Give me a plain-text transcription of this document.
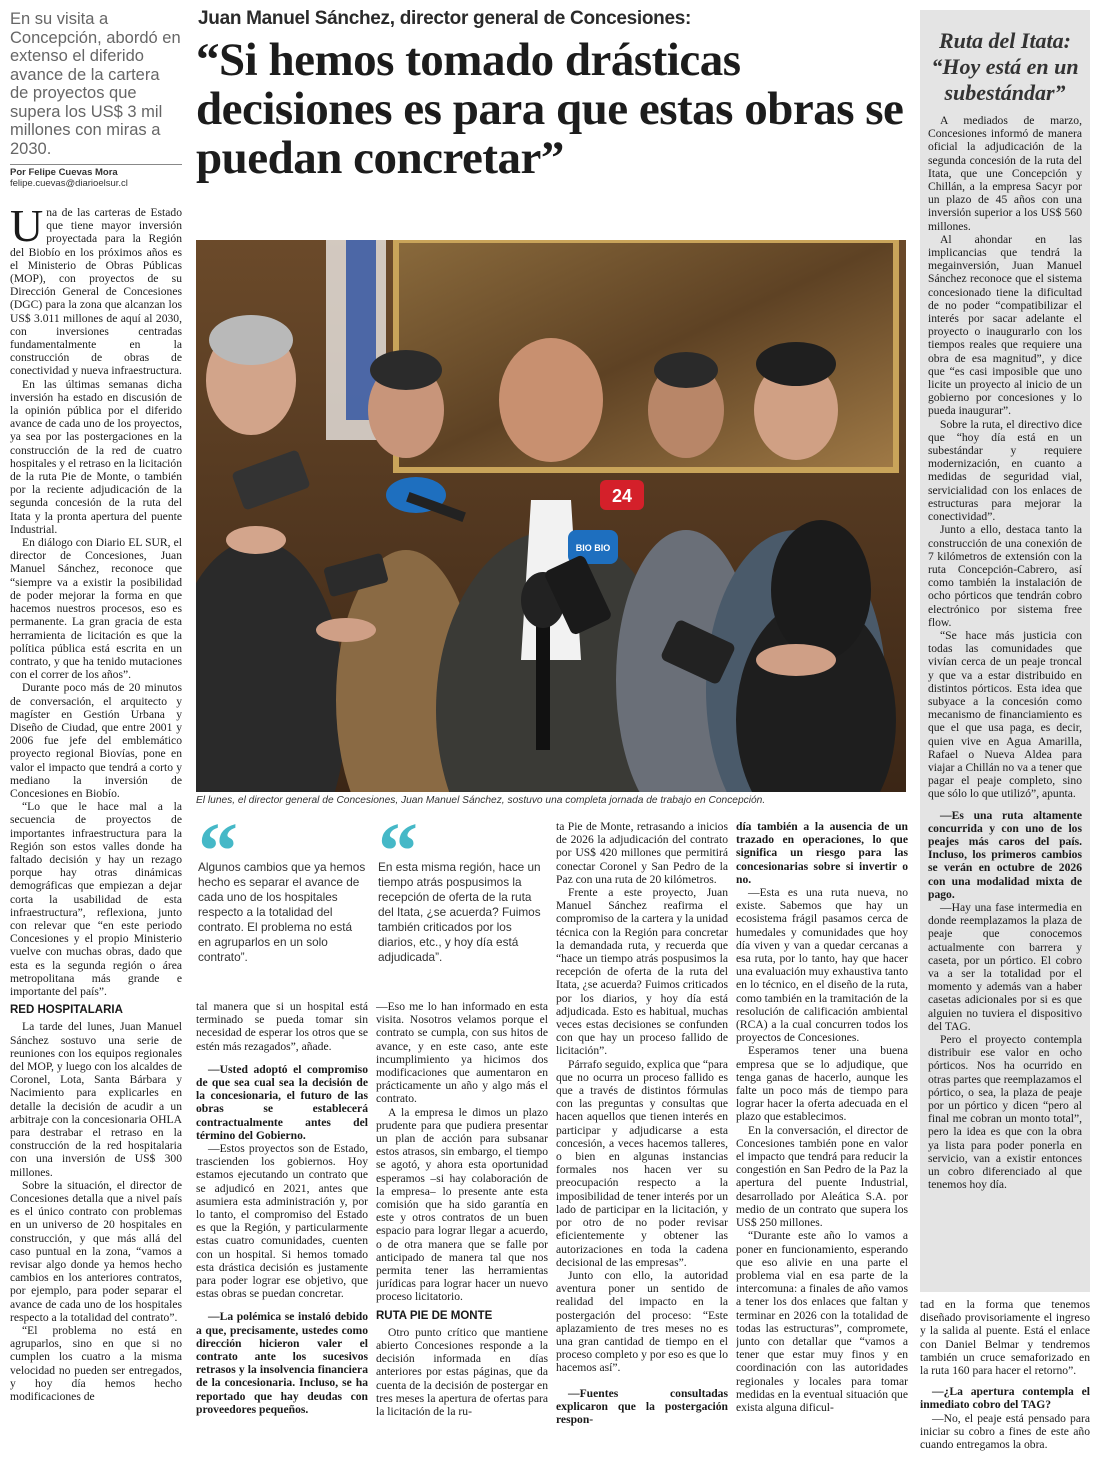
Juan Manuel Sánchez, director general de Concesiones:
“Si hemos tomado drásticas decisiones es para que estas obras se puedan concretar”

En su visita a Concepción, abordó en extenso el diferido avance de la cartera de proyectos que supera los US$ 3 mil millones con miras a 2030.

Por Felipe Cuevas Mora
felipe.cuevas@diarioelsur.cl

Una de las carteras de Estado que tiene mayor inversión proyectada para la Región del Biobío en los próximos años es el Ministerio de Obras Públicas (MOP), con proyectos de su Dirección General de Concesiones (DGC) para la zona que alcanzan los US$ 3.011 millones de aquí al 2030, con inversiones centradas fundamentalmente en la construcción de obras de conectividad y nueva infraestructura.

En las últimas semanas dicha inversión ha estado en discusión de la opinión pública por el diferido avance de cada uno de los proyectos, ya sea por las postergaciones en la construcción de la red de cuatro hospitales y el retraso en la licitación de la ruta Pie de Monte, o también por la reciente adjudicación de la segunda concesión de la ruta del Itata y la pronta apertura del puente Industrial.

En diálogo con Diario EL SUR, el director de Concesiones, Juan Manuel Sánchez, reconoce que “siempre va a existir la posibilidad de poder mejorar la forma en que hacemos nuestros procesos, eso es permanente. La gran gracia de esta herramienta de licitación es que la política pública está escrita en un contrato, y que ha tenido mutaciones con el correr de los años”.

Durante poco más de 20 minutos de conversación, el arquitecto y magíster en Gestión Urbana y Diseño de Ciudad, que entre 2001 y 2006 fue jefe del emblemático proyecto regional Biovías, pone en valor el impacto que tendrá a corto y mediano la inversión de Concesiones en Biobío.

“Lo que le hace mal a la secuencia de proyectos de importantes infraestructura para la Región son estos valles donde ha faltado decisión y hay un rezago porque hay otras dinámicas demográficas que empiezan a dejar corta la usabilidad de esta infraestructura”, reflexiona, junto con relevar que “en este periodo Concesiones y el propio Ministerio vuelve con muchas obras, dado que esta es la segunda región o área metropolitana más grande e importante del país”.

RED HOSPITALARIA

La tarde del lunes, Juan Manuel Sánchez sostuvo una serie de reuniones con los equipos regionales del MOP, y luego con los alcaldes de Coronel, Lota, Santa Bárbara y Nacimiento para explicarles en detalle la decisión de acudir a un arbitraje con la concesionaria OHLA para destrabar el retraso en la construcción de la red hospitalaria con una inversión de US$ 300 millones.

Sobre la situación, el director de Concesiones detalla que a nivel país es el único contrato con problemas en un universo de 20 hospitales en construcción, y que más allá del caso puntual en la zona, “vamos a revisar algo donde ya hemos hecho cambios en los anteriores contratos, por ejemplo, para poder separar el avance de cada uno de los hospitales respecto a la totalidad del contrato”.

“El problema no está en agruparlos, sino en que si no cumplen los cuatro a la misma velocidad no pueden ser entregados, y hoy día hemos hecho modificaciones de

24
BIO BIO
El lunes, el director general de Concesiones, Juan Manuel Sánchez, sostuvo una completa jornada de trabajo en Concepción.
“

Algunos cambios que ya hemos hecho es separar el avance de cada uno de los hospitales respecto a la totalidad del contrato. El problema no está en agruparlos en un solo contrato”.

“

En esta misma región, hace un tiempo atrás pospusimos la recepción de oferta de la ruta del Itata, ¿se acuerda? Fuimos también criticados por los diarios, etc., y hoy día está adjudicada”.

tal manera que si un hospital está terminado se pueda tomar sin necesidad de esperar los otros que se estén más rezagados”, añade.

—Usted adoptó el compromiso de que sea cual sea la decisión de la concesionaria, el futuro de las obras se establecerá contractualmente antes del término del Gobierno.

—Estos proyectos son de Estado, trascienden los gobiernos. Hoy estamos ejecutando un contrato que se adjudicó en 2021, antes que asumiera esta administración y, por lo tanto, el compromiso del Estado es que la Región, y particularmente estas cuatro comunidades, cuenten con un hospital. Si hemos tomado esta drástica decisión es justamente para poder lograr ese objetivo, que estas obras se puedan concretar.

—La polémica se instaló debido a que, precisamente, ustedes como dirección hicieron valer el contrato ante los sucesivos retrasos y la insolvencia financiera de la concesionaria. Incluso, se ha reportado que hay deudas con proveedores pequeños.

—Eso me lo han informado en esta visita. Nosotros velamos porque el contrato se cumpla, con sus hitos de avance, y en este caso, ante este incumplimiento ya hicimos dos modificaciones que aumentaron en prácticamente un año y algo más el contrato.

A la empresa le dimos un plazo prudente para que pudiera presentar un plan de acción para subsanar estos atrasos, sin embargo, el tiempo se agotó, y ahora esta oportunidad esperamos –si hay colaboración de la empresa– lo presente ante esta comisión que ha sido garantía en este y otros contratos de un buen espacio para lograr llegar a acuerdo, o de otra manera que se falle por anticipado de manera tal que nos permita tener las herramientas jurídicas para lograr hacer un nuevo proceso licitatorio.

RUTA PIE DE MONTE

Otro punto crítico que mantiene abierto Concesiones responde a la decisión informada en días anteriores por estas páginas, que da cuenta de la decisión de postergar en tres meses la apertura de ofertas para la licitación de la ru-

ta Pie de Monte, retrasando a inicios de 2026 la adjudicación del contrato por US$ 420 millones que permitirá conectar Coronel y San Pedro de la Paz con una ruta de 20 kilómetros.

Frente a este proyecto, Juan Manuel Sánchez reafirma el compromiso de la cartera y la unidad técnica con la Región para concretar la demandada ruta, y recuerda que “hace un tiempo atrás pospusimos la recepción de oferta de la ruta del Itata, ¿se acuerda? Fuimos criticados por los diarios, y hoy día está adjudicada. Esto es habitual, muchas veces estas decisiones se confunden con que hay un proceso fallido de licitación”.

Párrafo seguido, explica que “para que no ocurra un proceso fallido es que a través de distintos fórmulas con las preguntas y consultas que hacen aquellos que tienen interés en participar y adjudicarse a esta concesión, a veces hacemos talleres, o bien en algunas instancias formales nos hacen ver su preocupación respecto a la imposibilidad de tener interés por un lado de participar en la licitación, y por otro de no poder revisar eficientemente y obtener las autorizaciones en toda la cadena decisional de las empresas”.

Junto con ello, la autoridad aventura poner un sentido de realidad del impacto en la postergación del proceso: “Este aplazamiento de tres meses no es una gran cantidad de tiempo en el proceso completo y por eso es que lo hacemos así”.

—Fuentes consultadas explicaron que la postergación respon-

día también a la ausencia de un trazado en operaciones, lo que significa un riesgo para las concesionarias sobre si invertir o no.

—Esta es una ruta nueva, no existe. Sabemos que hay un ecosistema frágil pasamos cerca de humedales y comunidades que hoy día viven y van a quedar cercanas a esa ruta, por lo tanto, hay que hacer una evaluación muy exhaustiva tanto en lo técnico, en el diseño de la ruta, como también en la tramitación de la resolución de calificación ambiental (RCA) a la cual concurren todos los proyectos de Concesiones.

Esperamos tener una buena empresa que se lo adjudique, que tenga ganas de hacerlo, aunque les falte un poco más de tiempo para lograr hacer la oferta adecuada en el plazo que establecimos.

En la conversación, el director de Concesiones también pone en valor el impacto que tendrá para reducir la congestión en San Pedro de la Paz la apertura del puente Industrial, desarrollado por Aleática S.A. por medio de un contrato que supera los US$ 250 millones.

“Durante este año lo vamos a poner en funcionamiento, esperando que eso alivie en una parte el problema vial en esa parte de la intercomuna: a finales de año vamos a tener los dos enlaces que faltan y terminar en 2026 con la totalidad de todas las estructuras”, compromete, junto con detallar que “vamos a tener que estar muy finos y en coordinación con las autoridades regionales y locales para tomar medidas en la eventual situación que exista alguna dificul-

Ruta del Itata: “Hoy está en un subestándar”

A mediados de marzo, Concesiones informó de manera oficial la adjudicación de la segunda concesión de la ruta del Itata, que une Concepción y Chillán, a la empresa Sacyr por un plazo de 45 años con una inversión superior a los US$ 560 millones.

Al ahondar en las implicancias que tendrá la megainversión, Juan Manuel Sánchez reconoce que el sistema concesionado tiene la dificultad de no poder “compatibilizar el interés por sacar adelante el proyecto o inaugurarlo con los tiempos reales que requiere una obra de esa magnitud”, y dice que “es casi imposible que uno licite un proyecto al inicio de un gobierno por concesiones y lo pueda inaugurar”.

Sobre la ruta, el directivo dice que “hoy día está en un subestándar y requiere modernización, en cuanto a medidas de seguridad vial, servicialidad con los enlaces de estructuras para mejorar la conectividad”.

Junto a ello, destaca tanto la construcción de una conexión de 7 kilómetros de extensión con la ruta Concepción-Cabrero, así como también la instalación de ocho pórticos que tendrán cobro electrónico por sistema free flow.

“Se hace más justicia con todas las comunidades que vivían cerca de un peaje troncal y que va a estar distribuido en distintos pórticos. Esta idea que subyace a la concesión como mecanismo de financiamiento es que el que usa paga, es decir, quien vive en Agua Amarilla, Rafael o Nueva Aldea para viajar a Chillán no va a tener que pagar el peaje completo, sino que sólo lo que utilizó”, apunta.

—Es una ruta altamente concurrida y con uno de los peajes más caros del país. Incluso, los primeros cambios se verán en octubre de 2026 con una modalidad mixta de pago.

—Hay una fase intermedia en donde reemplazamos la plaza de peaje que conocemos actualmente con barrera y caseta, por un pórtico. El cobro va a ser la totalidad por el momento y además van a haber casetas adicionales por si es que alguien no tuviera el dispositivo del TAG.

Pero el proyecto contempla distribuir ese valor en ocho pórticos. Nos ha ocurrido en otras partes que reemplazamos el pórtico, o sea, la plaza de peaje por un pórtico y dicen “pero al final me cobran un monto total”, pero la idea es que con la obra ya lista para poder ponerla en servicio, van a existir entonces un cobro diferenciado al que tenemos hoy día.

tad en la forma que tenemos diseñado provisoriamente el ingreso y la salida al puente. Está el enlace con Daniel Belmar y tendremos también un cruce semaforizado en la ruta 160 para hacer el retorno”.

—¿La apertura contempla el inmediato cobro del TAG?

—No, el peaje está pensado para iniciar su cobro a fines de este año cuando entregamos la obra.
